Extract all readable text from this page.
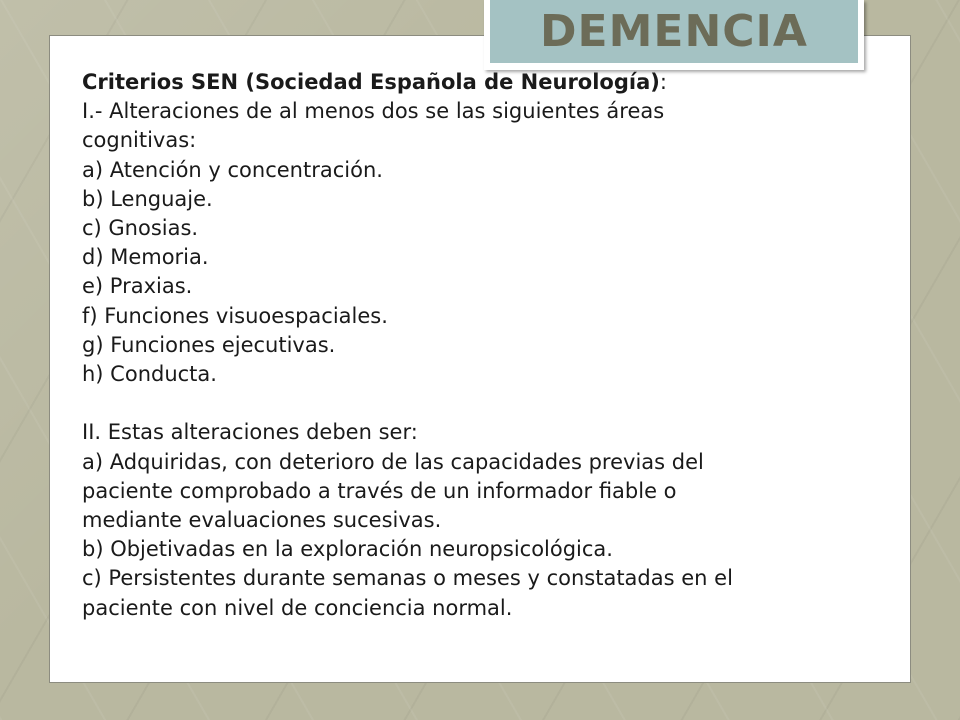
DEMENCIA
Criterios SEN (Sociedad Española de Neurología):
I.- Alteraciones de al menos dos se las siguientes áreas
cognitivas:
a) Atención y concentración.
b) Lenguaje.
c) Gnosias.
d) Memoria.
e) Praxias.
f) Funciones visuoespaciales.
g) Funciones ejecutivas.
h) Conducta.
II. Estas alteraciones deben ser:
a) Adquiridas, con deterioro de las capacidades previas del
paciente comprobado a través de un informador fiable o
mediante evaluaciones sucesivas.
b) Objetivadas en la exploración neuropsicológica.
c) Persistentes durante semanas o meses y constatadas en el
paciente con nivel de conciencia normal.
